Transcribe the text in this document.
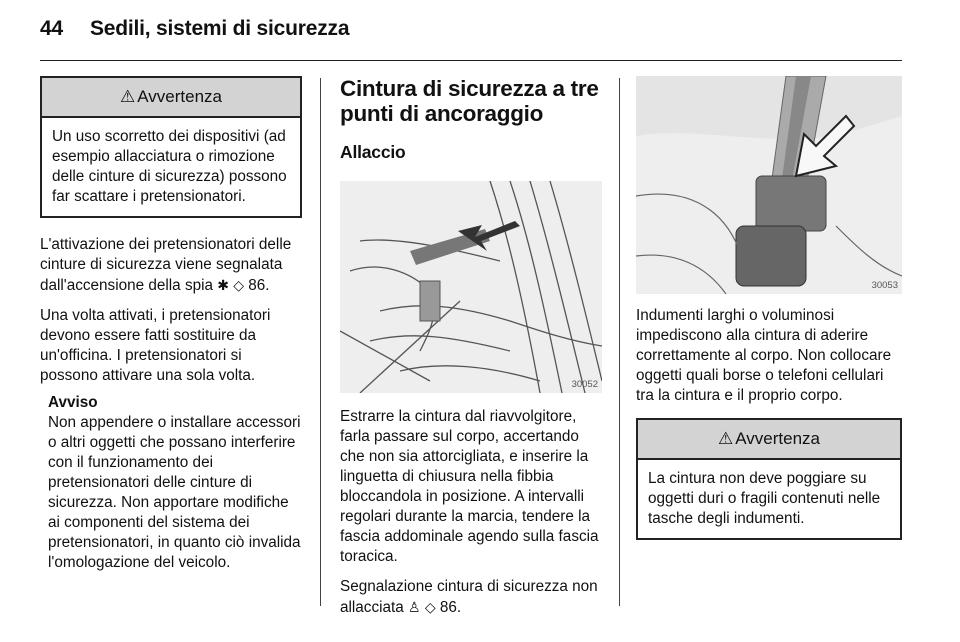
44 Sedili, sistemi di sicurezza
⚠ Avvertenza
Un uso scorretto dei dispositivi (ad esempio allacciatura o rimozione delle cinture di sicurezza) possono far scattare i pretensionatori.

L'attivazione dei pretensionatori delle cinture di sicurezza viene segnalata dall'accensione della spia ✱ ◇ 86.

Una volta attivati, i pretensionatori devono essere fatti sostituire da un'officina. I pretensionatori si possono attivare una sola volta.

Avviso

Non appendere o installare accessori o altri oggetti che possano interferire con il funzionamento dei pretensionatori delle cinture di sicurezza. Non apportare modifiche ai componenti del sistema dei pretensionatori, in quanto ciò invalida l'omologazione del veicolo.

Cintura di sicurezza a tre punti di ancoraggio
Allaccio
30052

Estrarre la cintura dal riavvolgitore, farla passare sul corpo, accertando che non sia attorcigliata, e inserire la linguetta di chiusura nella fibbia bloccandola in posizione. A intervalli regolari durante la marcia, tendere la fascia addominale agendo sulla fascia toracica.

Segnalazione cintura di sicurezza non allacciata ♙ ◇ 86.

30053

Indumenti larghi o voluminosi impediscono alla cintura di aderire correttamente al corpo. Non collocare oggetti quali borse o telefoni cellulari tra la cintura e il proprio corpo.

⚠ Avvertenza
La cintura non deve poggiare su oggetti duri o fragili contenuti nelle tasche degli indumenti.
